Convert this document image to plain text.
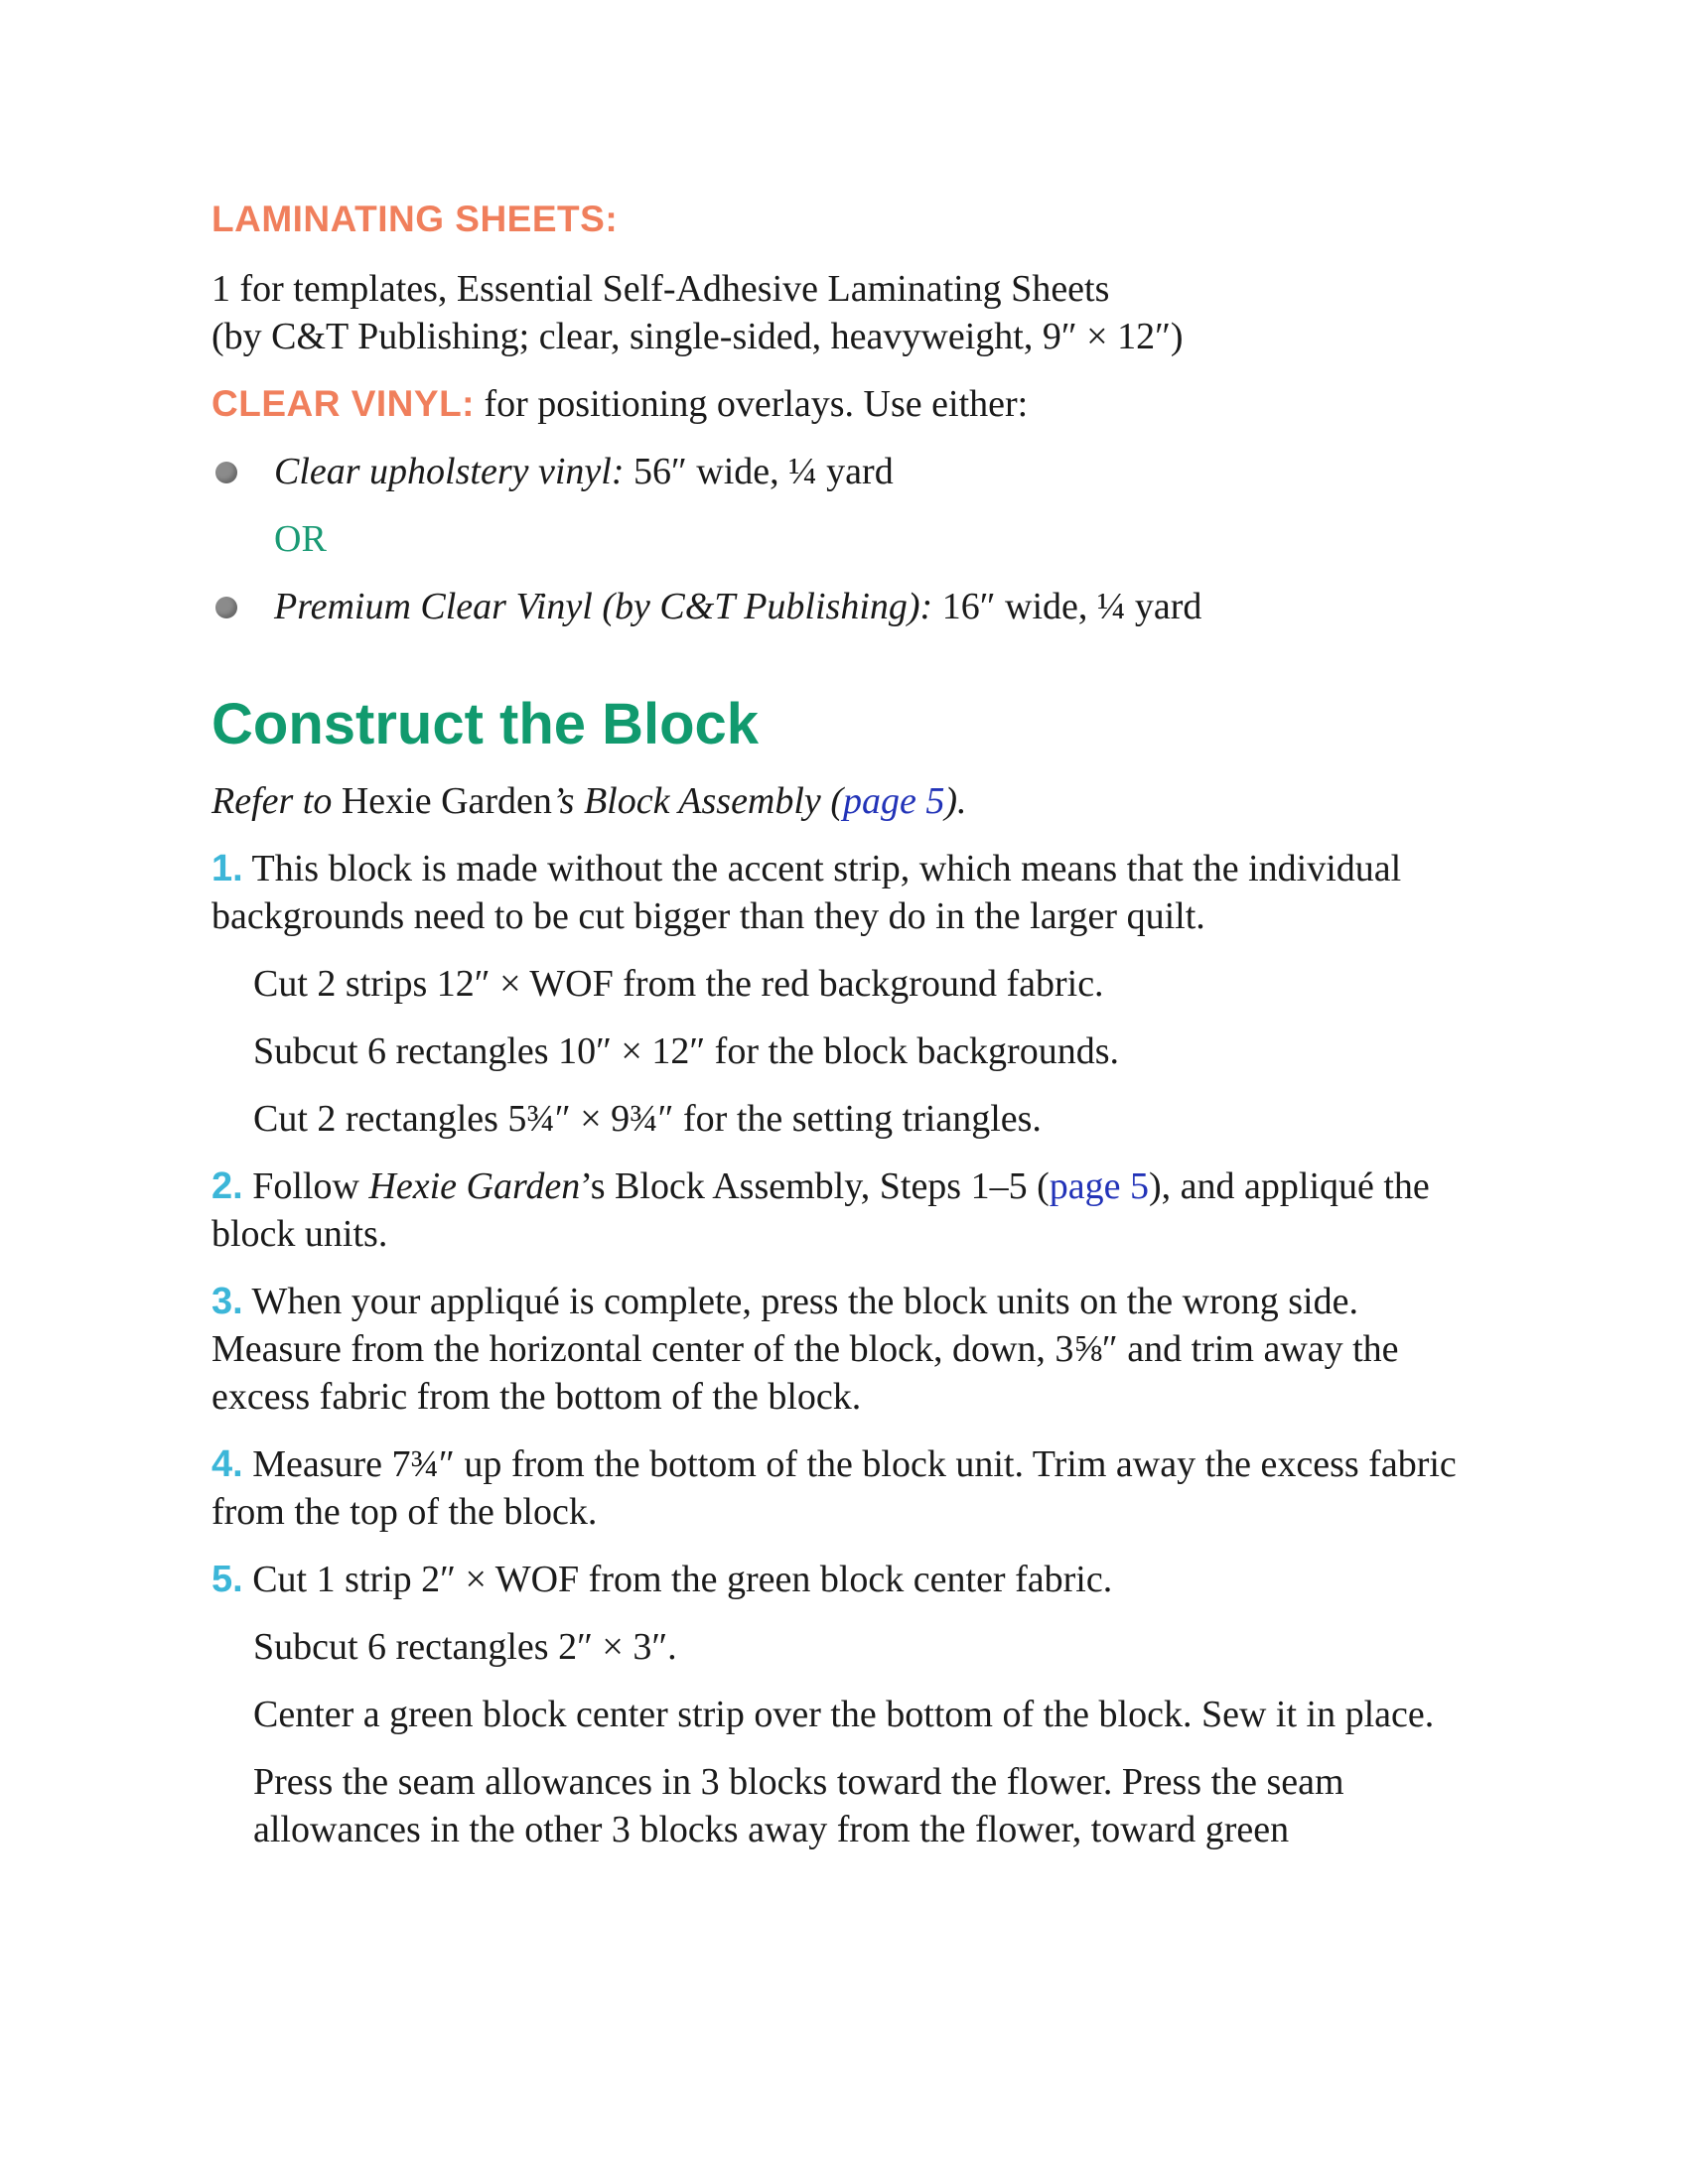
LAMINATING SHEETS:

1 for templates, Essential Self-Adhesive Laminating Sheets
(by C&T Publishing; clear, single-sided, heavyweight, 9″ × 12″)

CLEAR VINYL: for positioning overlays. Use either:

Clear upholstery vinyl: 56″ wide, ¼ yard
OR
Premium Clear Vinyl (by C&T Publishing): 16″ wide, ¼ yard
Construct the Block

Refer to Hexie Garden’s Block Assembly (page 5).

1. This block is made without the accent strip, which means that the individual backgrounds need to be cut bigger than they do in the larger quilt.

Cut 2 strips 12″ × WOF from the red background fabric.

Subcut 6 rectangles 10″ × 12″ for the block backgrounds.

Cut 2 rectangles 5¾″ × 9¾″ for the setting triangles.

2. Follow Hexie Garden’s Block Assembly, Steps 1–5 (page 5), and appliqué the block units.

3. When your appliqué is complete, press the block units on the wrong side. Measure from the horizontal center of the block, down, 3⅝″ and trim away the excess fabric from the bottom of the block.

4. Measure 7¾″ up from the bottom of the block unit. Trim away the excess fabric from the top of the block.

5. Cut 1 strip 2″ × WOF from the green block center fabric.

Subcut 6 rectangles 2″ × 3″.

Center a green block center strip over the bottom of the block. Sew it in place.

Press the seam allowances in 3 blocks toward the flower. Press the seam allowances in the other 3 blocks away from the flower, toward green
